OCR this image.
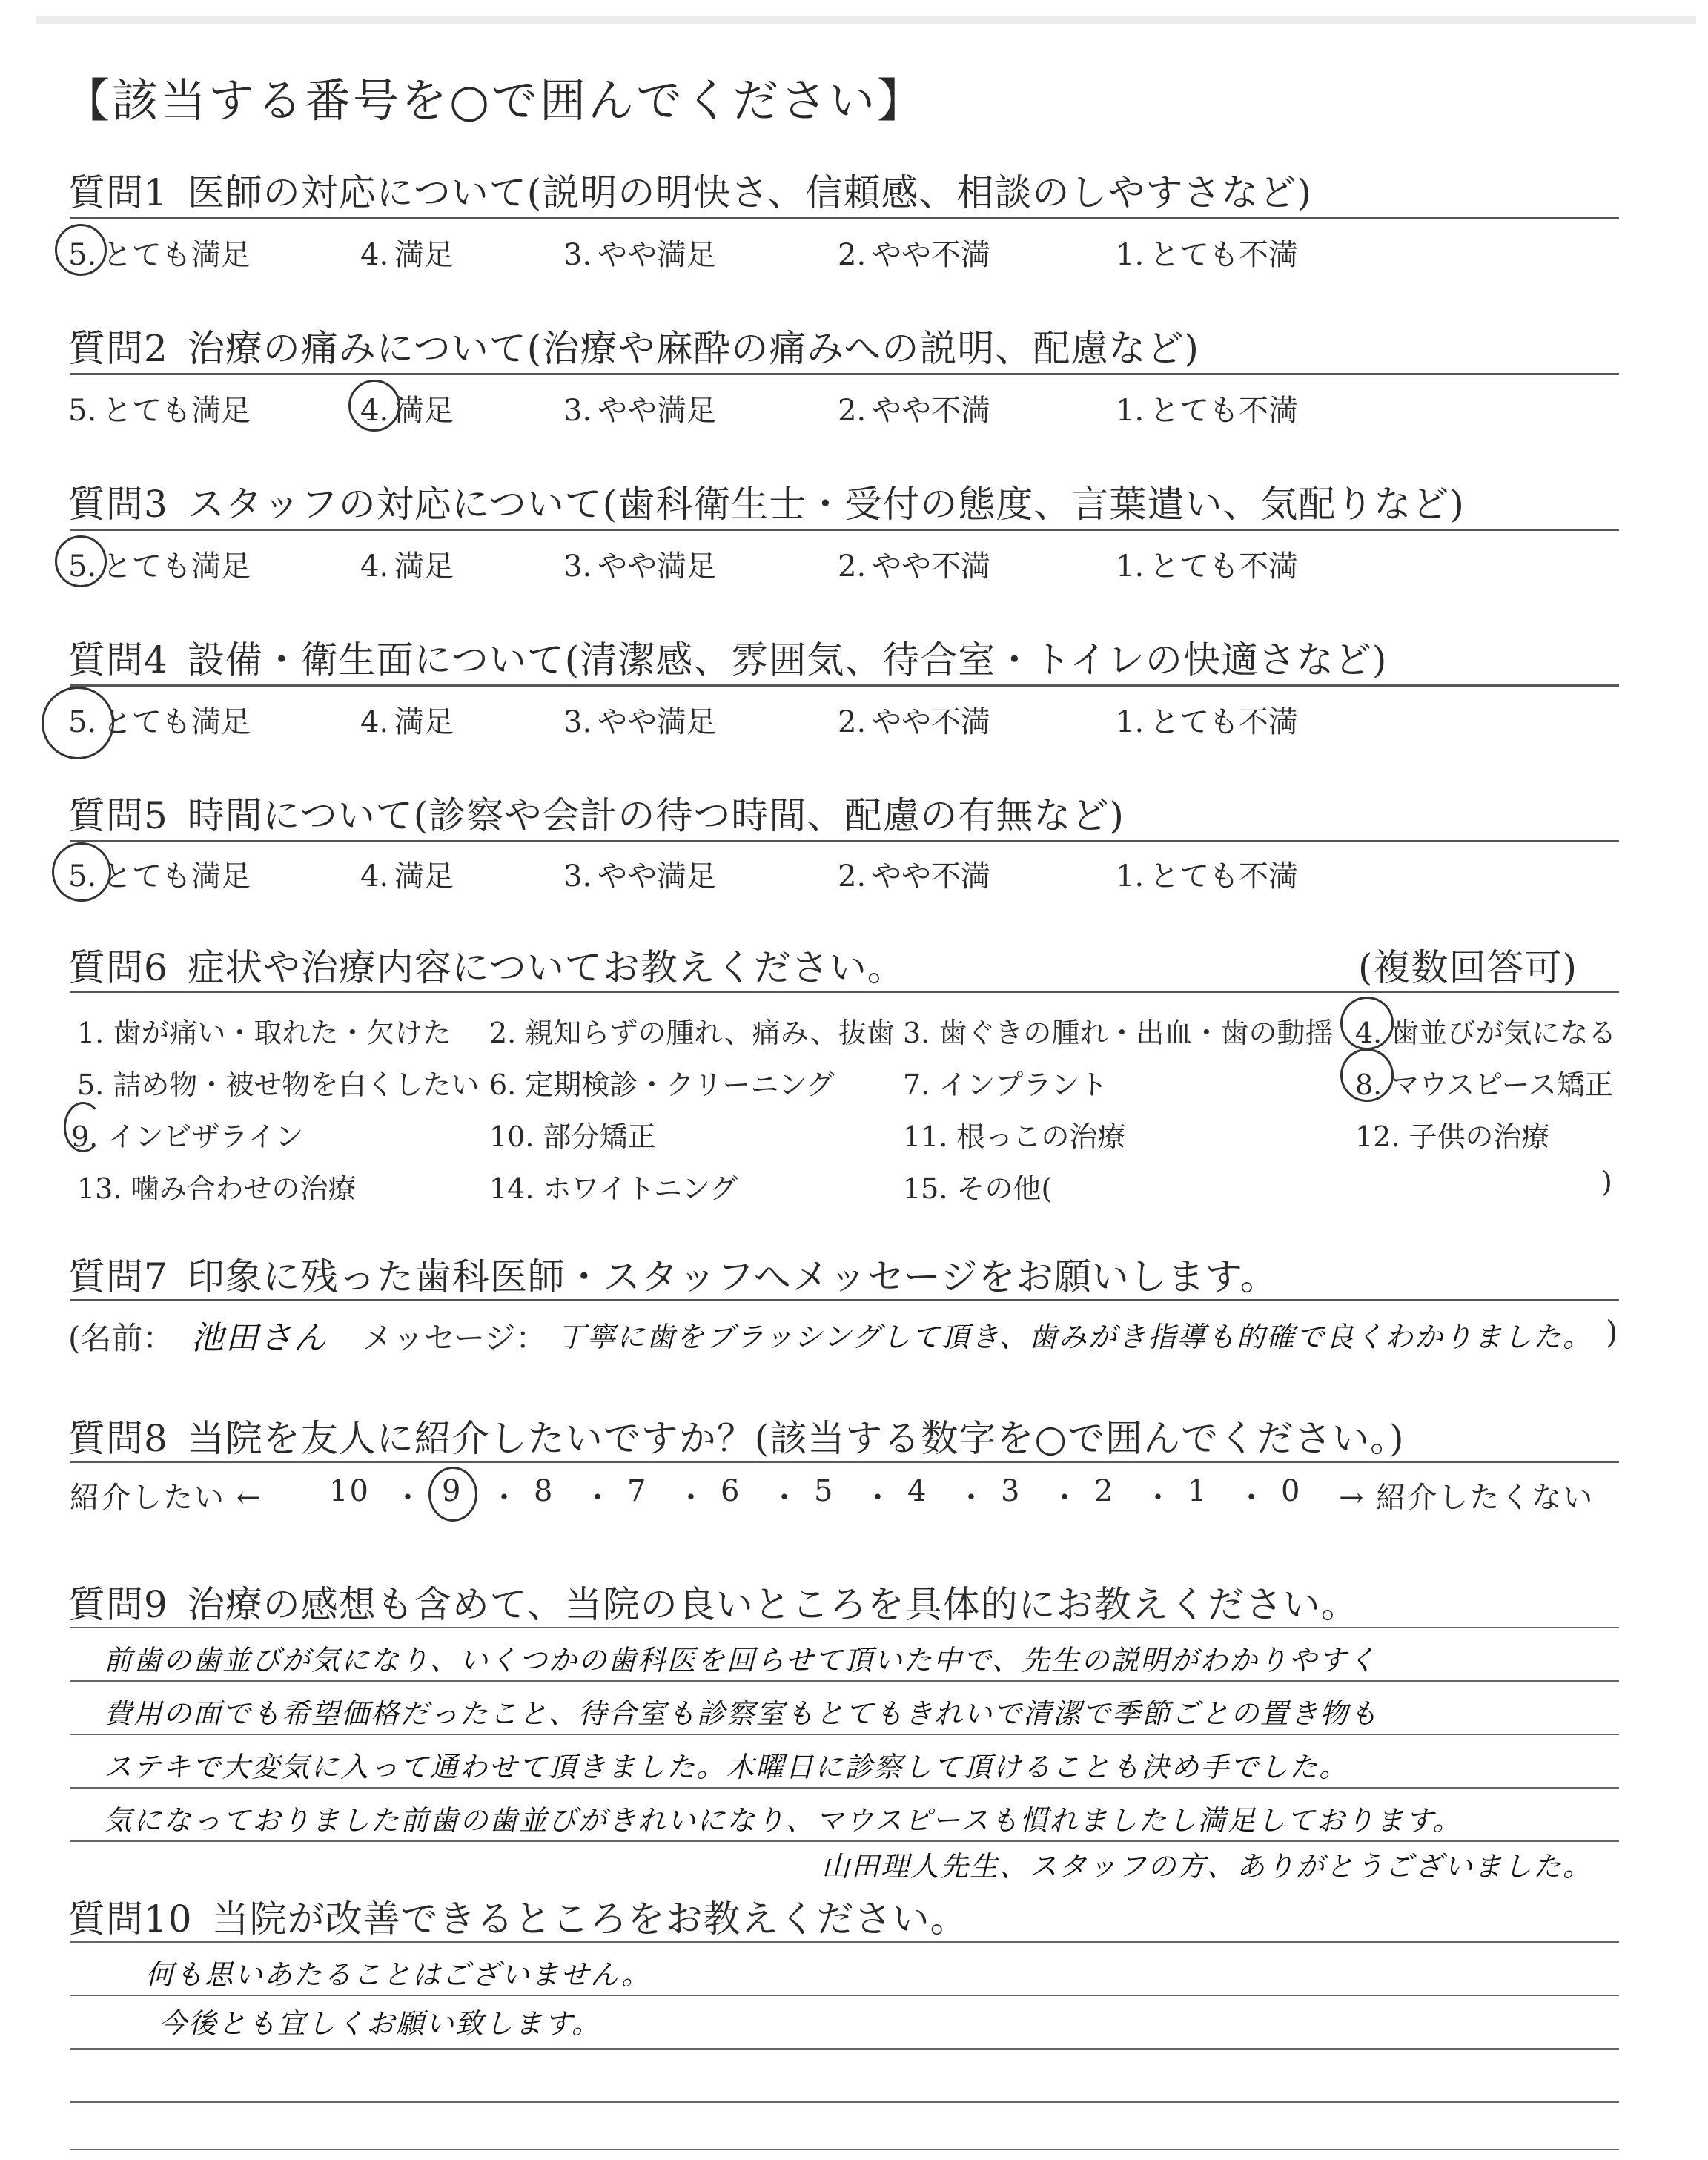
【該当する番号を○で囲んでください】
質問1 医師の対応について(説明の明快さ、信頼感、相談のしやすさなど)
5. とても満足	4. 満足	3. やや満足	2. やや不満	1. とても不満
質問2 治療の痛みについて(治療や麻酔の痛みへの説明、配慮など)
5. とても満足	4. 満足	3. やや満足	2. やや不満	1. とても不満
質問3 スタッフの対応について(歯科衛生士・受付の態度、言葉遣い、気配りなど)
5. とても満足	4. 満足	3. やや満足	2. やや不満	1. とても不満
質問4 設備・衛生面について(清潔感、雰囲気、待合室・トイレの快適さなど)
5. とても満足	4. 満足	3. やや満足	2. やや不満	1. とても不満
質問5 時間について(診察や会計の待つ時間、配慮の有無など)
5. とても満足	4. 満足	3. やや満足	2. やや不満	1. とても不満
質問6 症状や治療内容についてお教えください。	(複数回答可)
1. 歯が痛い・取れた・欠けた 2. 親知らずの腫れ、痛み、抜歯 3. 歯ぐきの腫れ・出血・歯の動揺 4. 歯並びが気になる
5. 詰め物・被せ物を白くしたい 6. 定期検診・クリーニング 7. インプラント	8. マウスピース矯正
9. インビザライン	10. 部分矯正	11. 根っこの治療	12. 子供の治療
13. 噛み合わせの治療	14. ホワイトニング	15. その他(	)
質問7 印象に残った歯科医師・スタッフへメッセージをお願いします。
(名前： 池田さん メッセージ： 丁寧に歯をブラッシングして頂き、歯みがき指導も的確で良くわかりました。 )
質問8 当院を友人に紹介したいですか？(該当する数字を○で囲んでください。)
紹介したい ← 10 ・ 9 ・ 8 ・ 7 ・ 6 ・ 5 ・ 4 ・ 3 ・ 2 ・ 1 ・ 0 → 紹介したくない
質問9 治療の感想も含めて、当院の良いところを具体的にお教えください。
前歯の歯並びが気になり、いくつかの歯科医を回らせて頂いた中で、先生の説明がわかりやすく
費用の面でも希望価格だったこと、待合室も診察室もとてもきれいで清潔で季節ごとの置き物も
ステキで大変気に入って通わせて頂きました。木曜日に診察して頂けることも決め手でした。
気になっておりました前歯の歯並びがきれいになり、マウスピースも慣れましたし満足しております。
山田理人先生、スタッフの方、ありがとうございました。
質問10 当院が改善できるところをお教えください。
何も思いあたることはございません。
今後とも宜しくお願い致します。
